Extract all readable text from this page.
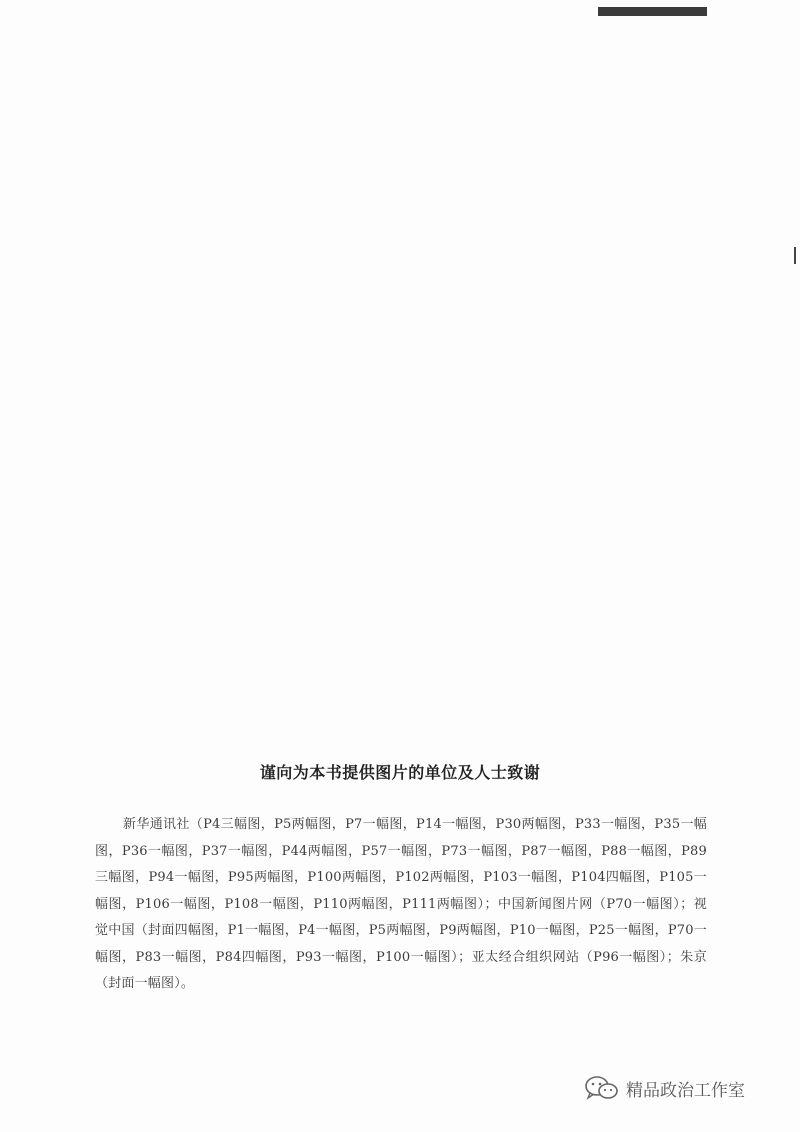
谨向为本书提供图片的单位及人士致谢

新华通讯社（P4三幅图，P5两幅图，P7一幅图，P14一幅图，P30两幅图，P33一幅图，P35一幅图，P36一幅图，P37一幅图，P44两幅图，P57一幅图，P73一幅图，P87一幅图，P88一幅图，P89三幅图，P94一幅图，P95两幅图，P100两幅图，P102两幅图，P103一幅图，P104四幅图，P105一幅图，P106一幅图，P108一幅图，P110两幅图，P111两幅图）；中国新闻图片网（P70一幅图）；视觉中国（封面四幅图，P1一幅图，P4一幅图，P5两幅图，P9两幅图，P10一幅图，P25一幅图，P70一幅图，P83一幅图，P84四幅图，P93一幅图，P100一幅图）；亚太经合组织网站（P96一幅图）；朱京（封面一幅图）。

精品政治工作室
